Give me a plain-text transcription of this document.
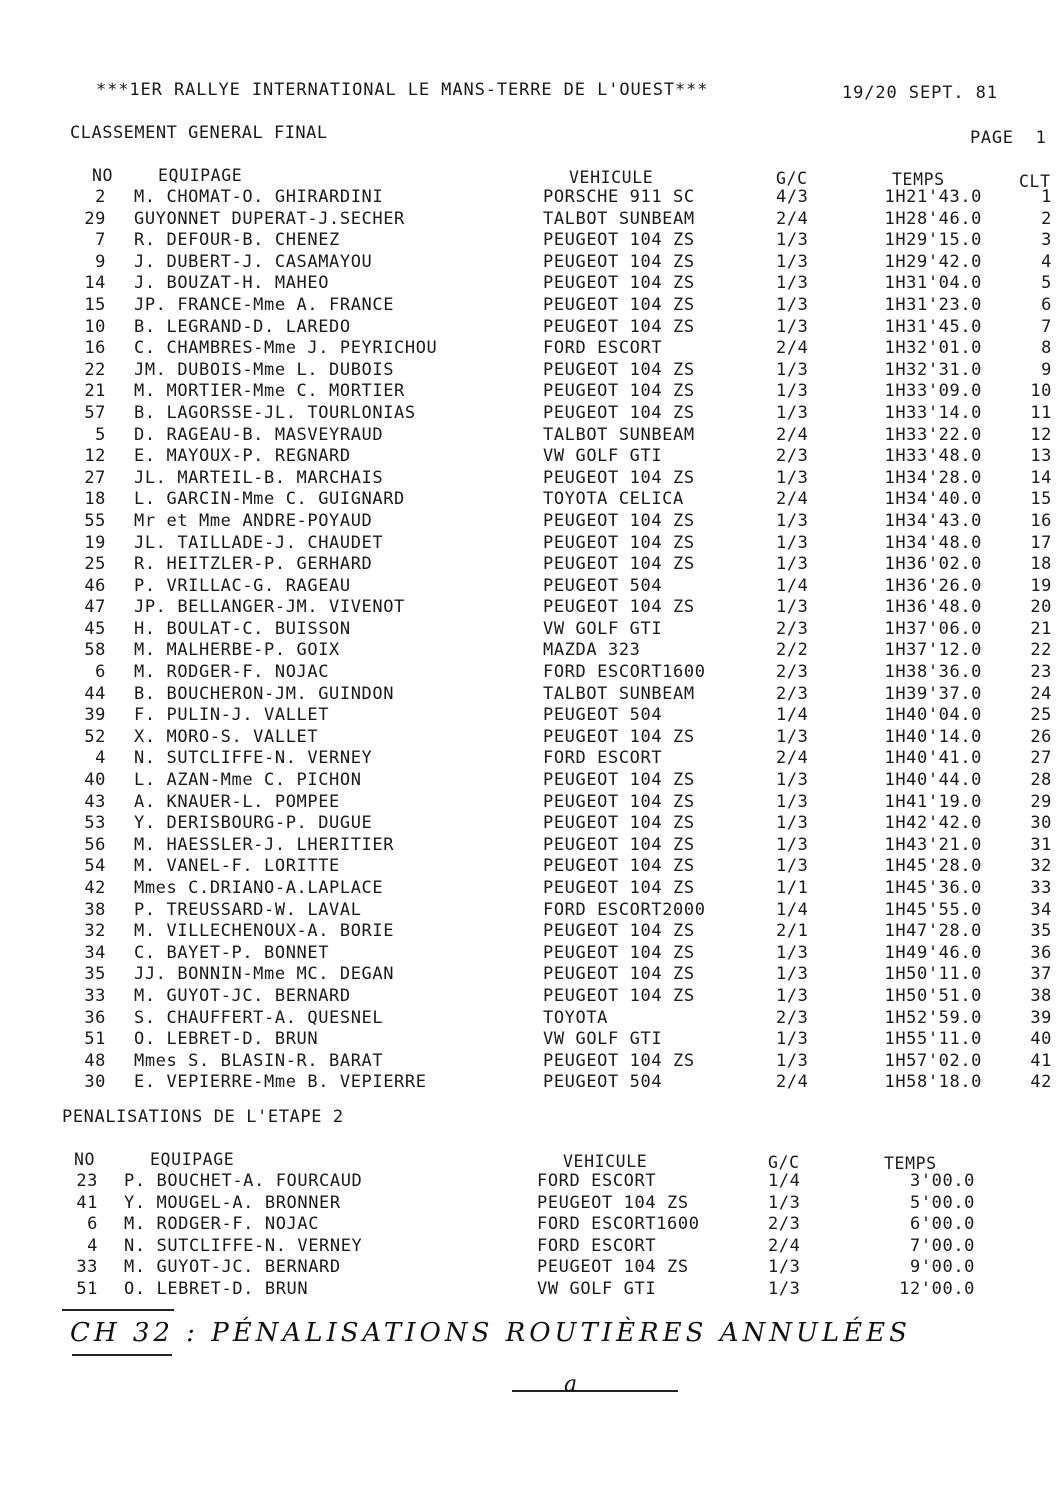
***1ER RALLYE INTERNATIONAL LE MANS-TERRE DE L'OUEST***	19/20 SEPT. 81
CLASSEMENT GENERAL FINAL	PAGE  1
NO	EQUIPAGE	VEHICULE	G/C	TEMPS	CLT
2 M. CHOMAT-O. GHIRARDINI	PORSCHE 911 SC	4/3	1H21'43.0	1
29 GUYONNET DUPERAT-J.SECHER	TALBOT SUNBEAM	2/4	1H28'46.0	2
7 R. DEFOUR-B. CHENEZ	PEUGEOT 104 ZS	1/3	1H29'15.0	3
9 J. DUBERT-J. CASAMAYOU	PEUGEOT 104 ZS	1/3	1H29'42.0	4
14 J. BOUZAT-H. MAHEO	PEUGEOT 104 ZS	1/3	1H31'04.0	5
15 JP. FRANCE-Mme A. FRANCE	PEUGEOT 104 ZS	1/3	1H31'23.0	6
10 B. LEGRAND-D. LAREDO	PEUGEOT 104 ZS	1/3	1H31'45.0	7
16 C. CHAMBRES-Mme J. PEYRICHOU	FORD ESCORT	2/4	1H32'01.0	8
22 JM. DUBOIS-Mme L. DUBOIS	PEUGEOT 104 ZS	1/3	1H32'31.0	9
21 M. MORTIER-Mme C. MORTIER	PEUGEOT 104 ZS	1/3	1H33'09.0	10
57 B. LAGORSSE-JL. TOURLONIAS	PEUGEOT 104 ZS	1/3	1H33'14.0	11
5 D. RAGEAU-B. MASVEYRAUD	TALBOT SUNBEAM	2/4	1H33'22.0	12
12 E. MAYOUX-P. REGNARD	VW GOLF GTI	2/3	1H33'48.0	13
27 JL. MARTEIL-B. MARCHAIS	PEUGEOT 104 ZS	1/3	1H34'28.0	14
18 L. GARCIN-Mme C. GUIGNARD	TOYOTA CELICA	2/4	1H34'40.0	15
55 Mr et Mme ANDRE-POYAUD	PEUGEOT 104 ZS	1/3	1H34'43.0	16
19 JL. TAILLADE-J. CHAUDET	PEUGEOT 104 ZS	1/3	1H34'48.0	17
25 R. HEITZLER-P. GERHARD	PEUGEOT 104 ZS	1/3	1H36'02.0	18
46 P. VRILLAC-G. RAGEAU	PEUGEOT 504	1/4	1H36'26.0	19
47 JP. BELLANGER-JM. VIVENOT	PEUGEOT 104 ZS	1/3	1H36'48.0	20
45 H. BOULAT-C. BUISSON	VW GOLF GTI	2/3	1H37'06.0	21
58 M. MALHERBE-P. GOIX	MAZDA 323	2/2	1H37'12.0	22
6 M. RODGER-F. NOJAC	FORD ESCORT1600	2/3	1H38'36.0	23
44 B. BOUCHERON-JM. GUINDON	TALBOT SUNBEAM	2/3	1H39'37.0	24
39 F. PULIN-J. VALLET	PEUGEOT 504	1/4	1H40'04.0	25
52 X. MORO-S. VALLET	PEUGEOT 104 ZS	1/3	1H40'14.0	26
4 N. SUTCLIFFE-N. VERNEY	FORD ESCORT	2/4	1H40'41.0	27
40 L. AZAN-Mme C. PICHON	PEUGEOT 104 ZS	1/3	1H40'44.0	28
43 A. KNAUER-L. POMPEE	PEUGEOT 104 ZS	1/3	1H41'19.0	29
53 Y. DERISBOURG-P. DUGUE	PEUGEOT 104 ZS	1/3	1H42'42.0	30
56 M. HAESSLER-J. LHERITIER	PEUGEOT 104 ZS	1/3	1H43'21.0	31
54 M. VANEL-F. LORITTE	PEUGEOT 104 ZS	1/3	1H45'28.0	32
42 Mmes C.DRIANO-A.LAPLACE	PEUGEOT 104 ZS	1/1	1H45'36.0	33
38 P. TREUSSARD-W. LAVAL	FORD ESCORT2000	1/4	1H45'55.0	34
32 M. VILLECHENOUX-A. BORIE	PEUGEOT 104 ZS	2/1	1H47'28.0	35
34 C. BAYET-P. BONNET	PEUGEOT 104 ZS	1/3	1H49'46.0	36
35 JJ. BONNIN-Mme MC. DEGAN	PEUGEOT 104 ZS	1/3	1H50'11.0	37
33 M. GUYOT-JC. BERNARD	PEUGEOT 104 ZS	1/3	1H50'51.0	38
36 S. CHAUFFERT-A. QUESNEL	TOYOTA	2/3	1H52'59.0	39
51 O. LEBRET-D. BRUN	VW GOLF GTI	1/3	1H55'11.0	40
48 Mmes S. BLASIN-R. BARAT	PEUGEOT 104 ZS	1/3	1H57'02.0	41
30 E. VEPIERRE-Mme B. VEPIERRE	PEUGEOT 504	2/4	1H58'18.0	42
PENALISATIONS DE L'ETAPE 2
NO	EQUIPAGE	VEHICULE	G/C	TEMPS
23 P. BOUCHET-A. FOURCAUD	FORD ESCORT	1/4	3'00.0
41 Y. MOUGEL-A. BRONNER	PEUGEOT 104 ZS	1/3	5'00.0
6 M. RODGER-F. NOJAC	FORD ESCORT1600	2/3	6'00.0
4 N. SUTCLIFFE-N. VERNEY	FORD ESCORT	2/4	7'00.0
33 M. GUYOT-JC. BERNARD	PEUGEOT 104 ZS	1/3	9'00.0
51 O. LEBRET-D. BRUN	VW GOLF GTI	1/3	12'00.0
CH 32 : PÉNALISATIONS ROUTIÈRES ANNULÉES
a
